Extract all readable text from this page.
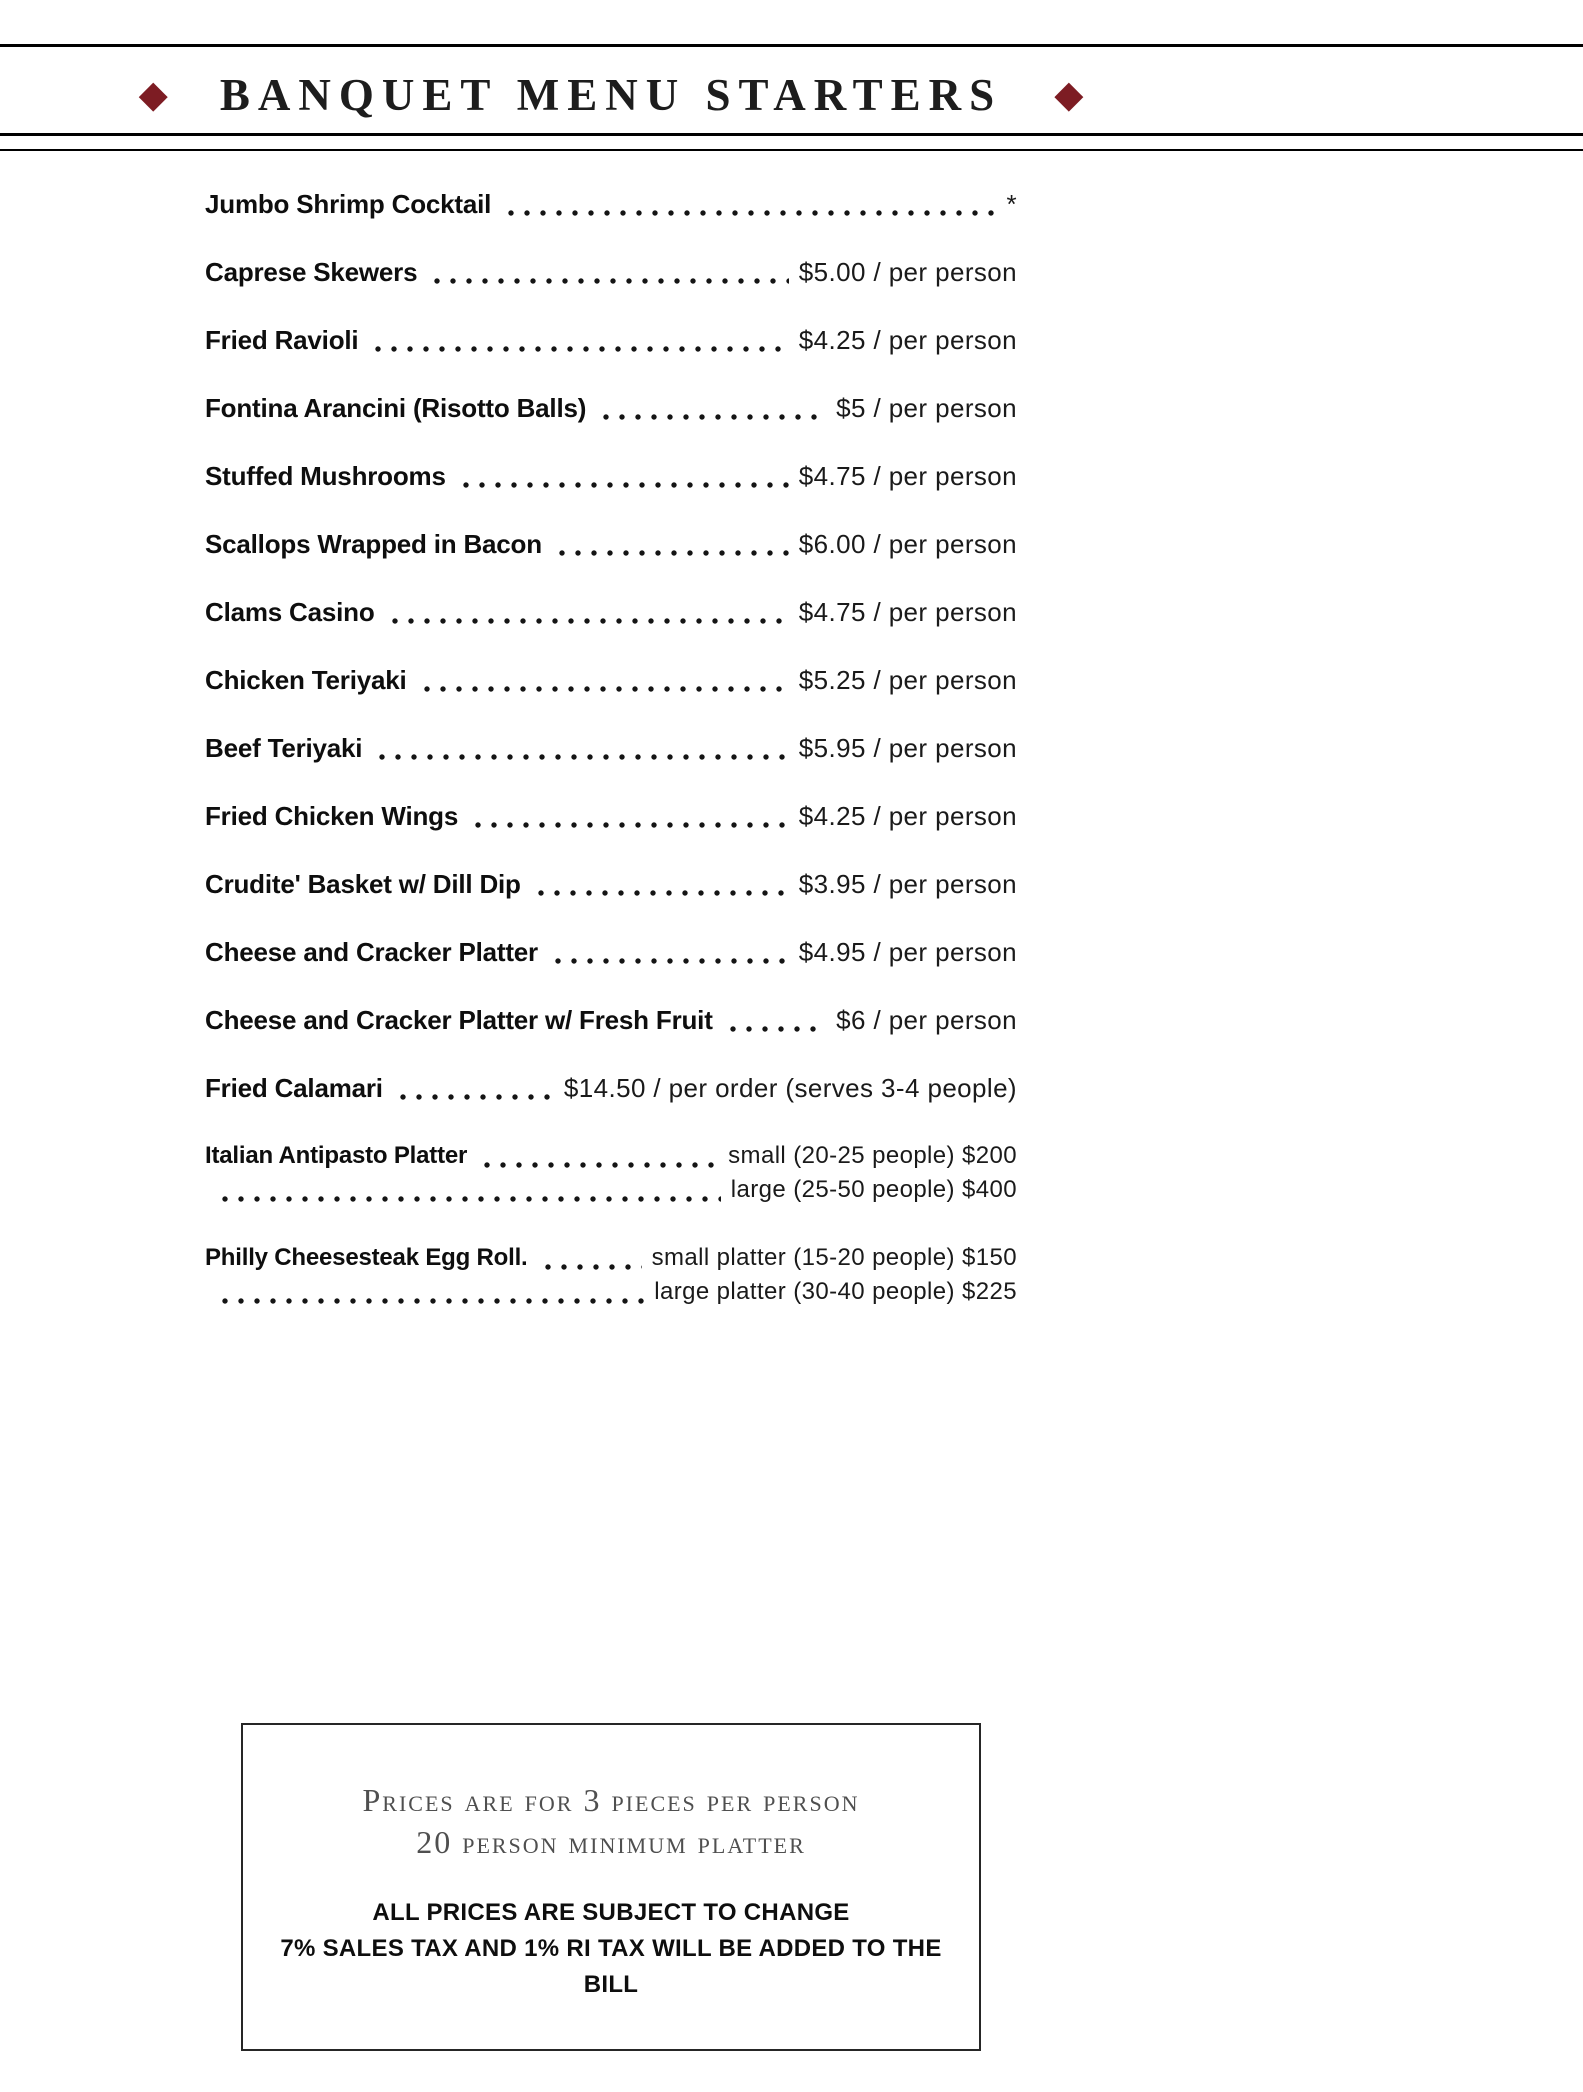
◆ BANQUET MENU STARTERS ◆
Jumbo Shrimp Cocktail	*
Caprese Skewers	$5.00 / per person
Fried Ravioli	$4.25 / per person
Fontina Arancini (Risotto Balls)	$5 / per person
Stuffed Mushrooms	$4.75 / per person
Scallops Wrapped in Bacon	$6.00 / per person
Clams Casino	$4.75 / per person
Chicken Teriyaki	$5.25 / per person
Beef Teriyaki	$5.95 / per person
Fried Chicken Wings	$4.25 / per person
Crudite' Basket w/ Dill Dip	$3.95 / per person
Cheese and Cracker Platter	$4.95 / per person
Cheese and Cracker Platter w/ Fresh Fruit	$6 / per person
Fried Calamari	$14.50 / per order (serves 3-4 people)
Italian Antipasto Platter	small (20-25 people) $200
large (25-50 people) $400
Philly Cheesesteak Egg Roll.	small platter (15-20 people) $150
large platter (30-40 people) $225

Prices are for 3 pieces per person

20 person minimum platter

ALL PRICES ARE SUBJECT TO CHANGE

7% SALES TAX AND 1% RI TAX WILL BE ADDED TO THE BILL
